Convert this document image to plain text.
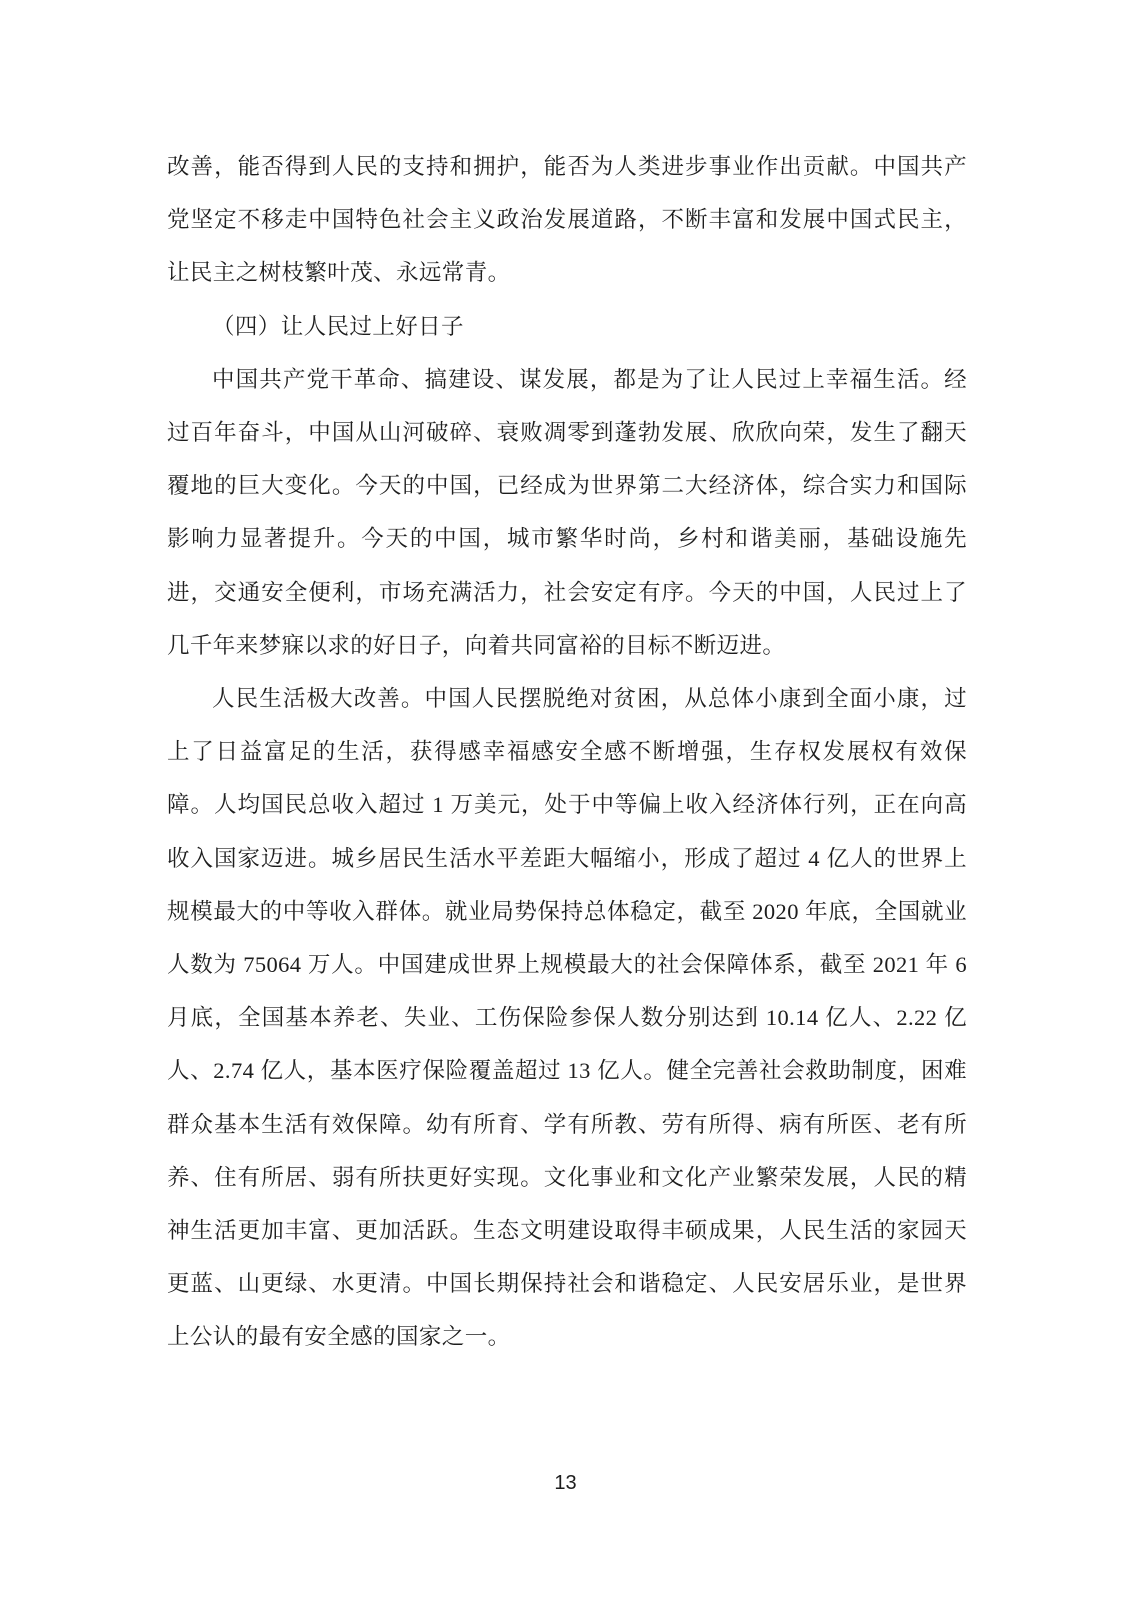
改善，能否得到人民的支持和拥护，能否为人类进步事业作出贡献。中国共产党坚定不移走中国特色社会主义政治发展道路，不断丰富和发展中国式民主，让民主之树枝繁叶茂、永远常青。

（四）让人民过上好日子

中国共产党干革命、搞建设、谋发展，都是为了让人民过上幸福生活。经过百年奋斗，中国从山河破碎、衰败凋零到蓬勃发展、欣欣向荣，发生了翻天覆地的巨大变化。今天的中国，已经成为世界第二大经济体，综合实力和国际影响力显著提升。今天的中国，城市繁华时尚，乡村和谐美丽，基础设施先进，交通安全便利，市场充满活力，社会安定有序。今天的中国，人民过上了几千年来梦寐以求的好日子，向着共同富裕的目标不断迈进。

人民生活极大改善。中国人民摆脱绝对贫困，从总体小康到全面小康，过上了日益富足的生活，获得感幸福感安全感不断增强，生存权发展权有效保障。人均国民总收入超过 1 万美元，处于中等偏上收入经济体行列，正在向高收入国家迈进。城乡居民生活水平差距大幅缩小，形成了超过 4 亿人的世界上规模最大的中等收入群体。就业局势保持总体稳定，截至 2020 年底，全国就业人数为 75064 万人。中国建成世界上规模最大的社会保障体系，截至 2021 年 6 月底，全国基本养老、失业、工伤保险参保人数分别达到 10.14 亿人、2.22 亿人、2.74 亿人，基本医疗保险覆盖超过 13 亿人。健全完善社会救助制度，困难群众基本生活有效保障。幼有所育、学有所教、劳有所得、病有所医、老有所养、住有所居、弱有所扶更好实现。文化事业和文化产业繁荣发展，人民的精神生活更加丰富、更加活跃。生态文明建设取得丰硕成果，人民生活的家园天更蓝、山更绿、水更清。中国长期保持社会和谐稳定、人民安居乐业，是世界上公认的最有安全感的国家之一。

13
